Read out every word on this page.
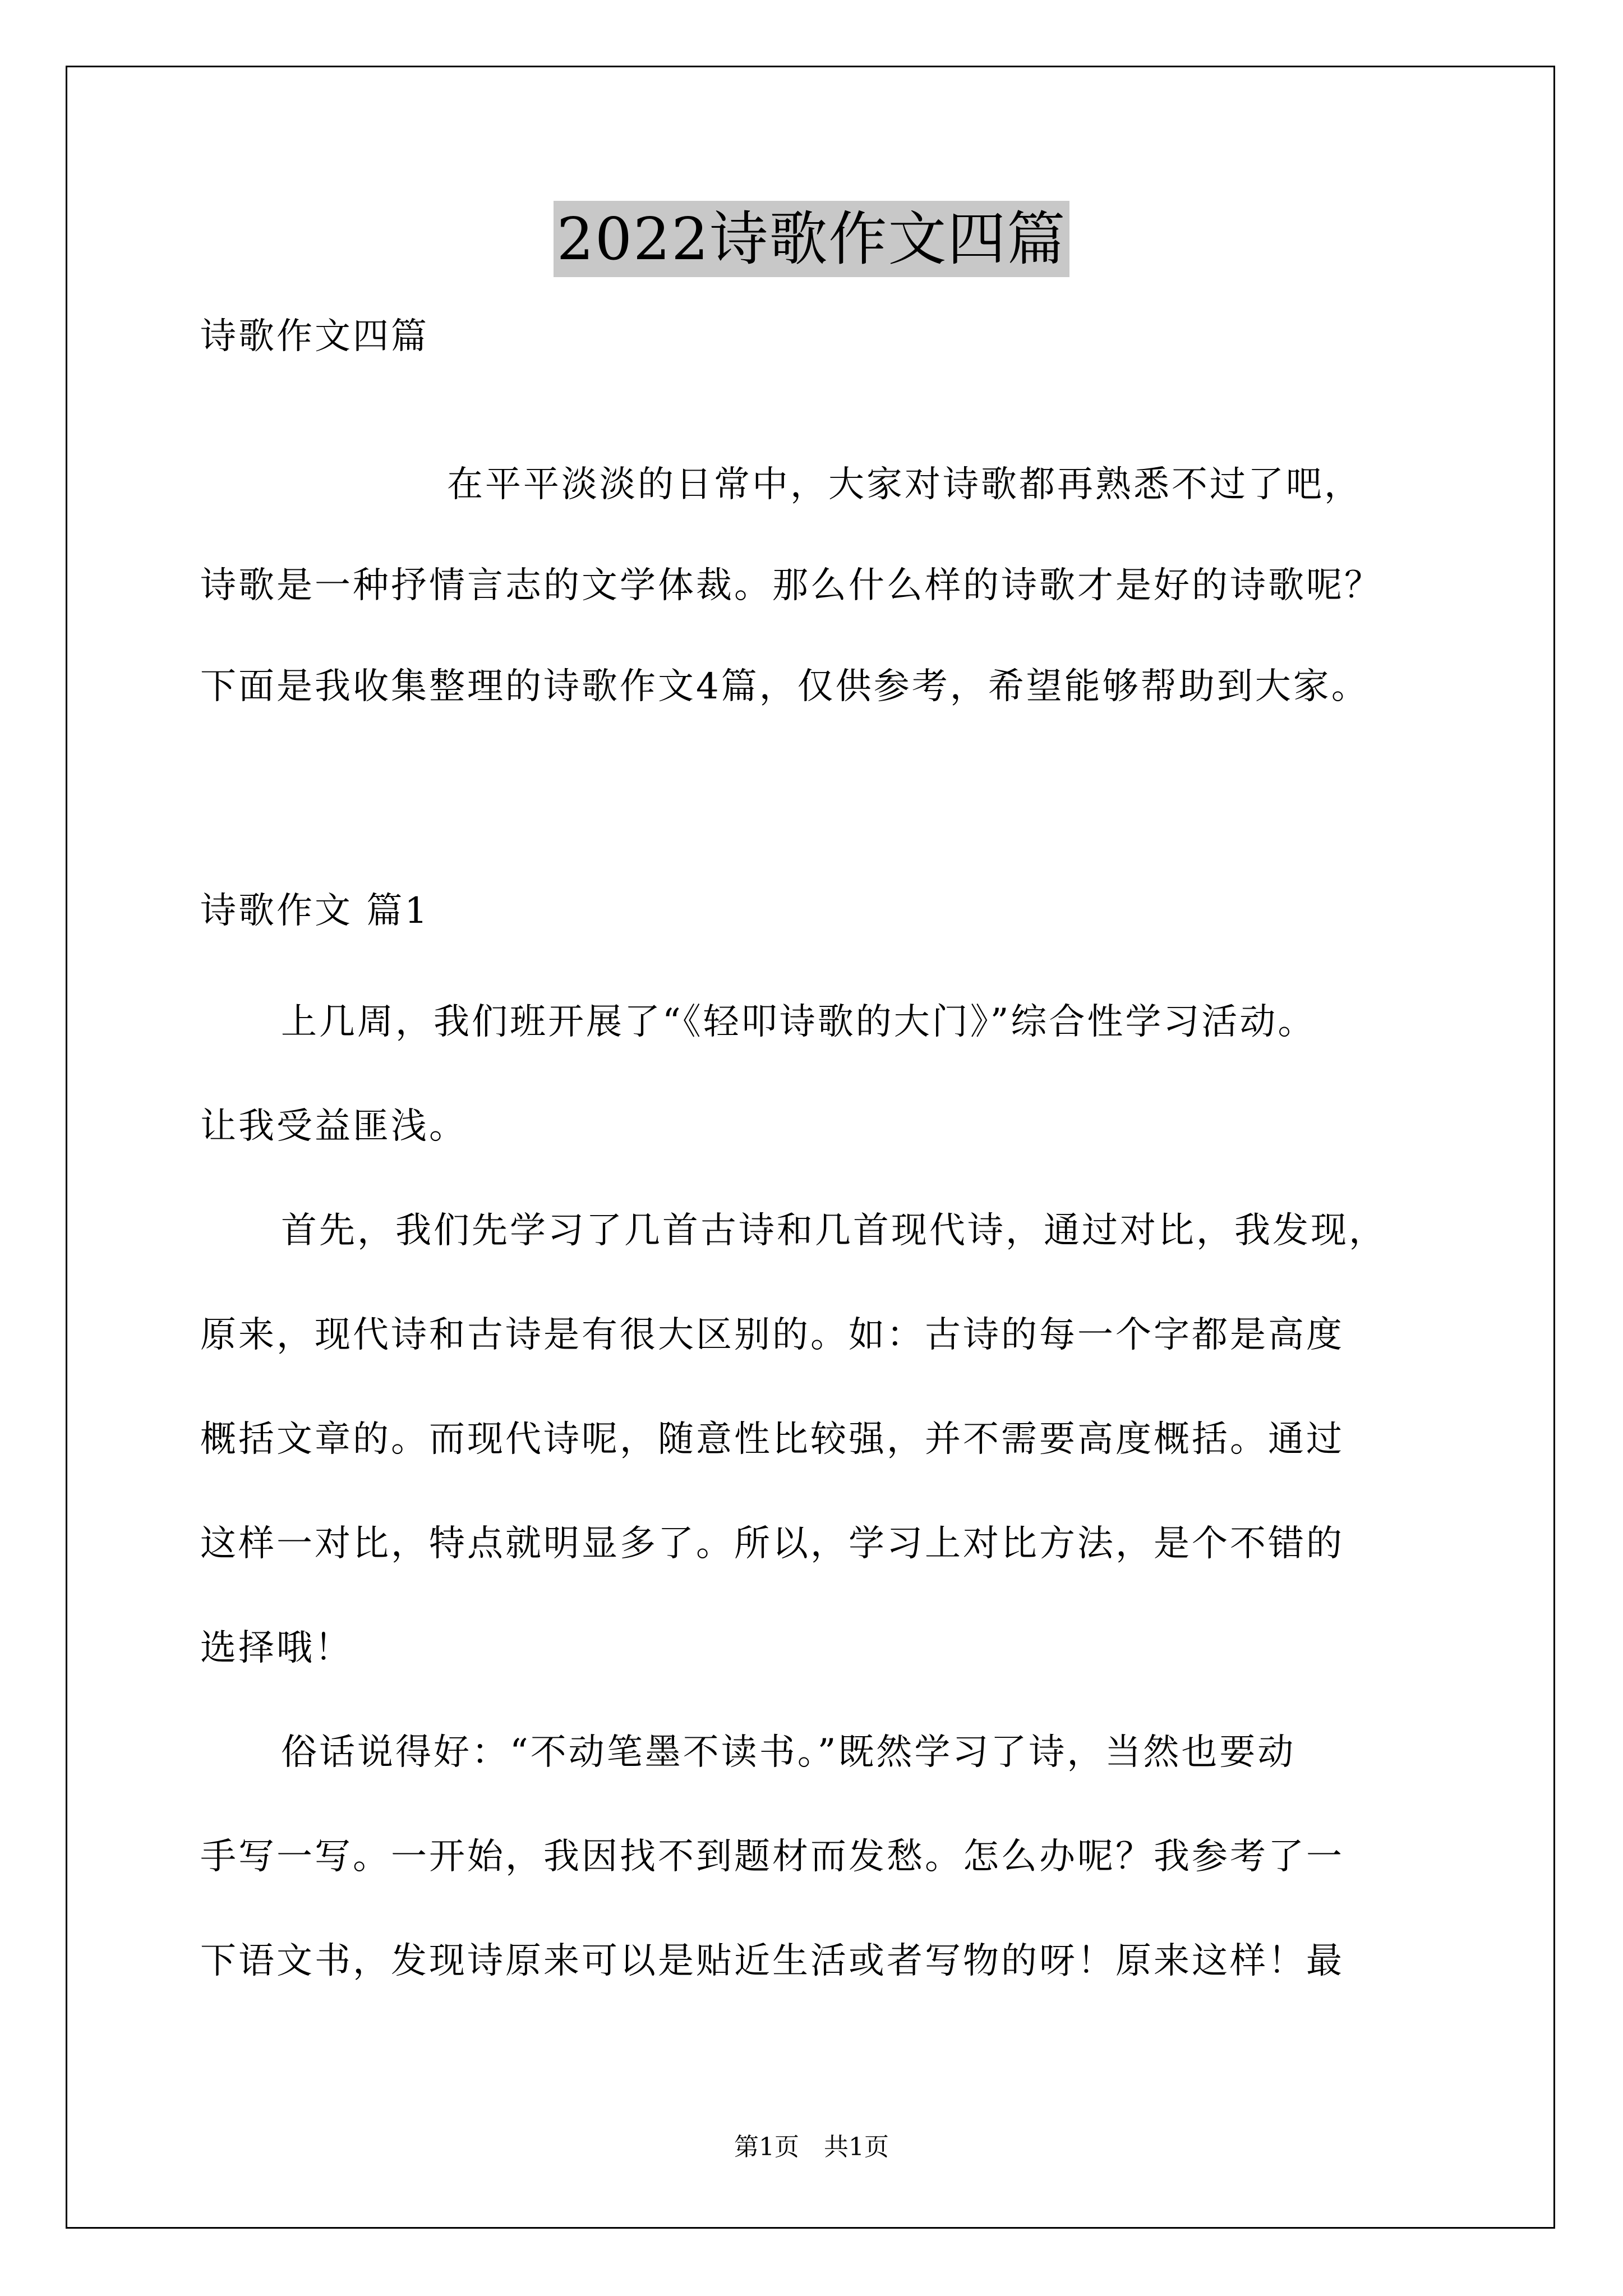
2022诗歌作文四篇
诗歌作文四篇
在平平淡淡的日常中，大家对诗歌都再熟悉不过了吧，
诗歌是一种抒情言志的文学体裁。那么什么样的诗歌才是好的诗歌呢？
下面是我收集整理的诗歌作文4篇，仅供参考，希望能够帮助到大家。
诗歌作文 篇1
上几周，我们班开展了“《轻叩诗歌的大门》”综合性学习活动。
让我受益匪浅。
首先，我们先学习了几首古诗和几首现代诗，通过对比，我发现，
原来，现代诗和古诗是有很大区别的。如：古诗的每一个字都是高度
概括文章的。而现代诗呢，随意性比较强，并不需要高度概括。通过
这样一对比，特点就明显多了。所以，学习上对比方法，是个不错的
选择哦！
俗话说得好：“不动笔墨不读书。”既然学习了诗，当然也要动
手写一写。一开始，我因找不到题材而发愁。怎么办呢？我参考了一
下语文书，发现诗原来可以是贴近生活或者写物的呀！原来这样！最
第1页　共1页
